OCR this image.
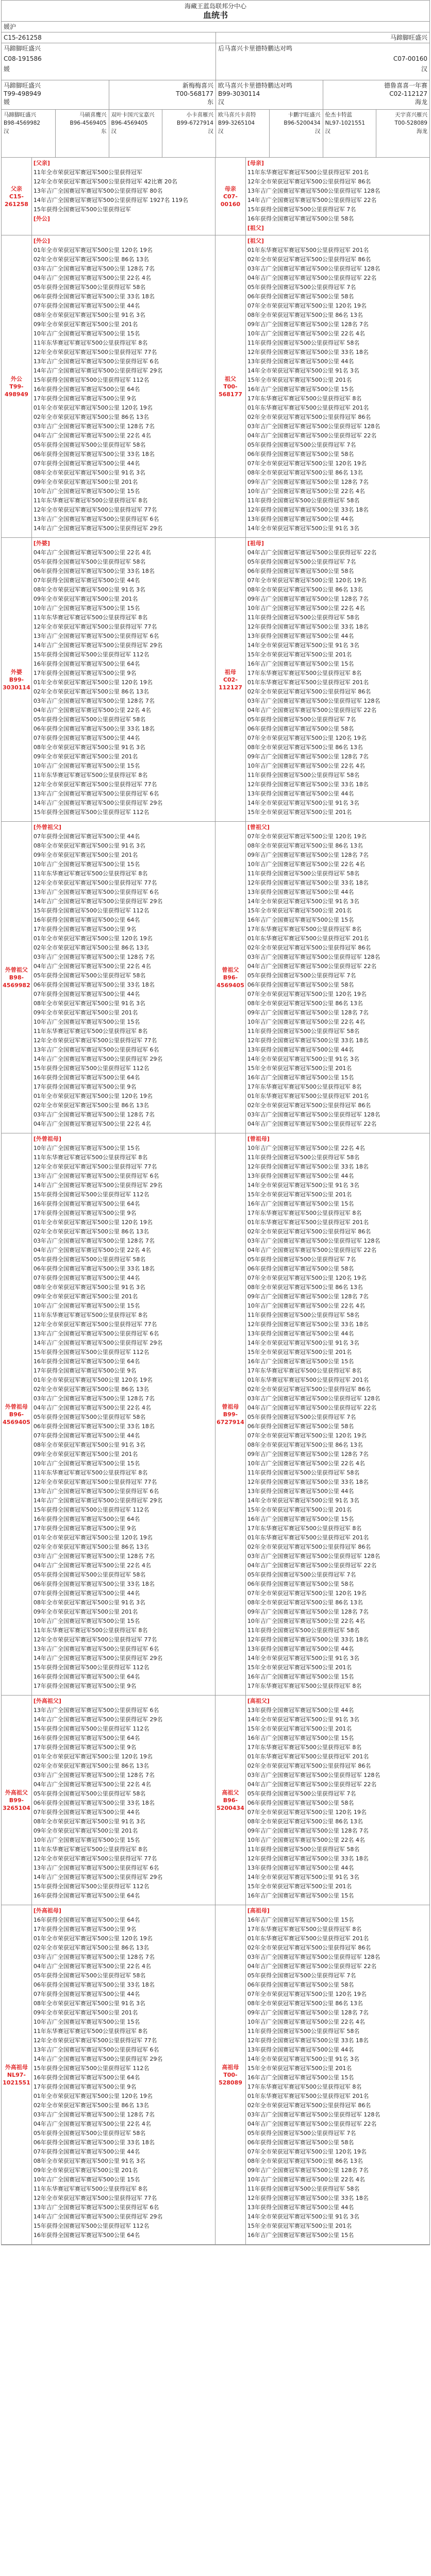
海藏王蓝岛联邦分中心
血统书
媛沪
C15-261258
马蹄脚旺盛兴
C08-191586
媛
马蹄脚旺盛兴
后马喜兴卡里德特鹏达对鸣
C07-00160
汉
马蹄脚旺盛兴
T99-498949
媛
新梅梅喜兴
T00-568177
东
欧马喜兴卡里德特鹏达对鸣
B99-3030114
汉
德鲁喜喜一年赛
C02-112127
海龙
马蹄脚旺盛兴
B98-4569982
汉
马硕喜鹰兴
B96-4569405
东
双叶卡国兴宝嘉兴
B96-4569405
汉
小卡喜雁兴
B99-6727914
汉
欧马喜兴卡喜特
B99-3265104
汉
卡鹏宇旺盛兴
B96-5200434
汉
伦杰卡特蓝
NL97-1021551
汉
天宇喜兴雁兴
T00-528089
海龙
父亲
C15-261258
[父亲]
11年全市荣获冠军赛冠军500公里获得冠军
12年全市荣获冠军赛冠军500公里获得冠军 42比赛 20名
13年吉广全国赛冠军赛冠军500公里获得冠军 80名
14年吉广全国赛冠军赛冠军500公里获得冠军 1927名 119名
15年获得全国赛冠军500公里获得冠军
[外公]
母亲
C07-00160
[母亲]
11年东华赛冠军赛冠军500公里获得冠军 201名
12年全市荣获冠军赛冠军500公里获得冠军 86名
13年吉广全国赛冠军赛冠军500公里获得冠军 128名
14年吉广全国赛冠军赛冠军500公里获得冠军 22名
15年获得全国赛冠军500公里获得冠军 7名
16年获得全国赛冠军赛冠军500公里 58名
[祖父]
外公
T99-498949
[外公]
01年全市荣获冠军赛冠军500公里 120名 19名
02年全市荣获冠军赛冠军500公里 86名 13名
03年吉广全国赛冠军赛冠军500公里 128名 7名
04年吉广全国赛冠军赛冠军500公里 22名 4名
05年获得全国赛冠军500公里获得冠军 58名
06年获得全国赛冠军赛冠军500公里 33名 18名
07年获得全国赛冠军赛冠军500公里 44名
08年全市荣获冠军赛冠军500公里 91名 3名
09年全市荣获冠军赛冠军500公里 201名
10年吉广全国赛冠军赛冠军500公里 15名
11年东华赛冠军赛冠军500公里获得冠军 8名
12年全市荣获冠军赛冠军500公里获得冠军 77名
13年吉广全国赛冠军赛冠军500公里获得冠军 6名
14年吉广全国赛冠军赛冠军500公里获得冠军 29名
15年获得全国赛冠军500公里获得冠军 112名
16年获得全国赛冠军赛冠军500公里 64名
17年获得全国赛冠军赛冠军500公里 9名
01年全市荣获冠军赛冠军500公里 120名 19名
02年全市荣获冠军赛冠军500公里 86名 13名
03年吉广全国赛冠军赛冠军500公里 128名 7名
04年吉广全国赛冠军赛冠军500公里 22名 4名
05年获得全国赛冠军500公里获得冠军 58名
06年获得全国赛冠军赛冠军500公里 33名 18名
07年获得全国赛冠军赛冠军500公里 44名
08年全市荣获冠军赛冠军500公里 91名 3名
09年全市荣获冠军赛冠军500公里 201名
10年吉广全国赛冠军赛冠军500公里 15名
11年东华赛冠军赛冠军500公里获得冠军 8名
12年全市荣获冠军赛冠军500公里获得冠军 77名
13年吉广全国赛冠军赛冠军500公里获得冠军 6名
14年吉广全国赛冠军赛冠军500公里获得冠军 29名
祖父
T00-568177
[祖父]
01年东华赛冠军赛冠军500公里获得冠军 201名
02年全市荣获冠军赛冠军500公里获得冠军 86名
03年吉广全国赛冠军赛冠军500公里获得冠军 128名
04年吉广全国赛冠军赛冠军500公里获得冠军 22名
05年获得全国赛冠军500公里获得冠军 7名
06年获得全国赛冠军赛冠军500公里 58名
07年全市荣获冠军赛冠军500公里 120名 19名
08年全市荣获冠军赛冠军500公里 86名 13名
09年吉广全国赛冠军赛冠军500公里 128名 7名
10年吉广全国赛冠军赛冠军500公里 22名 4名
11年获得全国赛冠军500公里获得冠军 58名
12年获得全国赛冠军赛冠军500公里 33名 18名
13年获得全国赛冠军赛冠军500公里 44名
14年全市荣获冠军赛冠军500公里 91名 3名
15年全市荣获冠军赛冠军500公里 201名
16年吉广全国赛冠军赛冠军500公里 15名
17年东华赛冠军赛冠军500公里获得冠军 8名
01年东华赛冠军赛冠军500公里获得冠军 201名
02年全市荣获冠军赛冠军500公里获得冠军 86名
03年吉广全国赛冠军赛冠军500公里获得冠军 128名
04年吉广全国赛冠军赛冠军500公里获得冠军 22名
05年获得全国赛冠军500公里获得冠军 7名
06年获得全国赛冠军赛冠军500公里 58名
07年全市荣获冠军赛冠军500公里 120名 19名
08年全市荣获冠军赛冠军500公里 86名 13名
09年吉广全国赛冠军赛冠军500公里 128名 7名
10年吉广全国赛冠军赛冠军500公里 22名 4名
11年获得全国赛冠军500公里获得冠军 58名
12年获得全国赛冠军赛冠军500公里 33名 18名
13年获得全国赛冠军赛冠军500公里 44名
14年全市荣获冠军赛冠军500公里 91名 3名
外婆
B99-3030114
[外婆]
04年吉广全国赛冠军赛冠军500公里 22名 4名
05年获得全国赛冠军500公里获得冠军 58名
06年获得全国赛冠军赛冠军500公里 33名 18名
07年获得全国赛冠军赛冠军500公里 44名
08年全市荣获冠军赛冠军500公里 91名 3名
09年全市荣获冠军赛冠军500公里 201名
10年吉广全国赛冠军赛冠军500公里 15名
11年东华赛冠军赛冠军500公里获得冠军 8名
12年全市荣获冠军赛冠军500公里获得冠军 77名
13年吉广全国赛冠军赛冠军500公里获得冠军 6名
14年吉广全国赛冠军赛冠军500公里获得冠军 29名
15年获得全国赛冠军500公里获得冠军 112名
16年获得全国赛冠军赛冠军500公里 64名
17年获得全国赛冠军赛冠军500公里 9名
01年全市荣获冠军赛冠军500公里 120名 19名
02年全市荣获冠军赛冠军500公里 86名 13名
03年吉广全国赛冠军赛冠军500公里 128名 7名
04年吉广全国赛冠军赛冠军500公里 22名 4名
05年获得全国赛冠军500公里获得冠军 58名
06年获得全国赛冠军赛冠军500公里 33名 18名
07年获得全国赛冠军赛冠军500公里 44名
08年全市荣获冠军赛冠军500公里 91名 3名
09年全市荣获冠军赛冠军500公里 201名
10年吉广全国赛冠军赛冠军500公里 15名
11年东华赛冠军赛冠军500公里获得冠军 8名
12年全市荣获冠军赛冠军500公里获得冠军 77名
13年吉广全国赛冠军赛冠军500公里获得冠军 6名
14年吉广全国赛冠军赛冠军500公里获得冠军 29名
15年获得全国赛冠军500公里获得冠军 112名
祖母
C02-112127
[祖母]
04年吉广全国赛冠军赛冠军500公里获得冠军 22名
05年获得全国赛冠军500公里获得冠军 7名
06年获得全国赛冠军赛冠军500公里 58名
07年全市荣获冠军赛冠军500公里 120名 19名
08年全市荣获冠军赛冠军500公里 86名 13名
09年吉广全国赛冠军赛冠军500公里 128名 7名
10年吉广全国赛冠军赛冠军500公里 22名 4名
11年获得全国赛冠军500公里获得冠军 58名
12年获得全国赛冠军赛冠军500公里 33名 18名
13年获得全国赛冠军赛冠军500公里 44名
14年全市荣获冠军赛冠军500公里 91名 3名
15年全市荣获冠军赛冠军500公里 201名
16年吉广全国赛冠军赛冠军500公里 15名
17年东华赛冠军赛冠军500公里获得冠军 8名
01年东华赛冠军赛冠军500公里获得冠军 201名
02年全市荣获冠军赛冠军500公里获得冠军 86名
03年吉广全国赛冠军赛冠军500公里获得冠军 128名
04年吉广全国赛冠军赛冠军500公里获得冠军 22名
05年获得全国赛冠军500公里获得冠军 7名
06年获得全国赛冠军赛冠军500公里 58名
07年全市荣获冠军赛冠军500公里 120名 19名
08年全市荣获冠军赛冠军500公里 86名 13名
09年吉广全国赛冠军赛冠军500公里 128名 7名
10年吉广全国赛冠军赛冠军500公里 22名 4名
11年获得全国赛冠军500公里获得冠军 58名
12年获得全国赛冠军赛冠军500公里 33名 18名
13年获得全国赛冠军赛冠军500公里 44名
14年全市荣获冠军赛冠军500公里 91名 3名
15年全市荣获冠军赛冠军500公里 201名
外曾祖父
B98-4569982
[外曾祖父]
07年获得全国赛冠军赛冠军500公里 44名
08年全市荣获冠军赛冠军500公里 91名 3名
09年全市荣获冠军赛冠军500公里 201名
10年吉广全国赛冠军赛冠军500公里 15名
11年东华赛冠军赛冠军500公里获得冠军 8名
12年全市荣获冠军赛冠军500公里获得冠军 77名
13年吉广全国赛冠军赛冠军500公里获得冠军 6名
14年吉广全国赛冠军赛冠军500公里获得冠军 29名
15年获得全国赛冠军500公里获得冠军 112名
16年获得全国赛冠军赛冠军500公里 64名
17年获得全国赛冠军赛冠军500公里 9名
01年全市荣获冠军赛冠军500公里 120名 19名
02年全市荣获冠军赛冠军500公里 86名 13名
03年吉广全国赛冠军赛冠军500公里 128名 7名
04年吉广全国赛冠军赛冠军500公里 22名 4名
05年获得全国赛冠军500公里获得冠军 58名
06年获得全国赛冠军赛冠军500公里 33名 18名
07年获得全国赛冠军赛冠军500公里 44名
08年全市荣获冠军赛冠军500公里 91名 3名
09年全市荣获冠军赛冠军500公里 201名
10年吉广全国赛冠军赛冠军500公里 15名
11年东华赛冠军赛冠军500公里获得冠军 8名
12年全市荣获冠军赛冠军500公里获得冠军 77名
13年吉广全国赛冠军赛冠军500公里获得冠军 6名
14年吉广全国赛冠军赛冠军500公里获得冠军 29名
15年获得全国赛冠军500公里获得冠军 112名
16年获得全国赛冠军赛冠军500公里 64名
17年获得全国赛冠军赛冠军500公里 9名
01年全市荣获冠军赛冠军500公里 120名 19名
02年全市荣获冠军赛冠军500公里 86名 13名
03年吉广全国赛冠军赛冠军500公里 128名 7名
04年吉广全国赛冠军赛冠军500公里 22名 4名
曾祖父
B96-4569405
[曾祖父]
07年全市荣获冠军赛冠军500公里 120名 19名
08年全市荣获冠军赛冠军500公里 86名 13名
09年吉广全国赛冠军赛冠军500公里 128名 7名
10年吉广全国赛冠军赛冠军500公里 22名 4名
11年获得全国赛冠军500公里获得冠军 58名
12年获得全国赛冠军赛冠军500公里 33名 18名
13年获得全国赛冠军赛冠军500公里 44名
14年全市荣获冠军赛冠军500公里 91名 3名
15年全市荣获冠军赛冠军500公里 201名
16年吉广全国赛冠军赛冠军500公里 15名
17年东华赛冠军赛冠军500公里获得冠军 8名
01年东华赛冠军赛冠军500公里获得冠军 201名
02年全市荣获冠军赛冠军500公里获得冠军 86名
03年吉广全国赛冠军赛冠军500公里获得冠军 128名
04年吉广全国赛冠军赛冠军500公里获得冠军 22名
05年获得全国赛冠军500公里获得冠军 7名
06年获得全国赛冠军赛冠军500公里 58名
07年全市荣获冠军赛冠军500公里 120名 19名
08年全市荣获冠军赛冠军500公里 86名 13名
09年吉广全国赛冠军赛冠军500公里 128名 7名
10年吉广全国赛冠军赛冠军500公里 22名 4名
11年获得全国赛冠军500公里获得冠军 58名
12年获得全国赛冠军赛冠军500公里 33名 18名
13年获得全国赛冠军赛冠军500公里 44名
14年全市荣获冠军赛冠军500公里 91名 3名
15年全市荣获冠军赛冠军500公里 201名
16年吉广全国赛冠军赛冠军500公里 15名
17年东华赛冠军赛冠军500公里获得冠军 8名
01年东华赛冠军赛冠军500公里获得冠军 201名
02年全市荣获冠军赛冠军500公里获得冠军 86名
03年吉广全国赛冠军赛冠军500公里获得冠军 128名
04年吉广全国赛冠军赛冠军500公里获得冠军 22名
外曾祖母
B96-4569405
[外曾祖母]
10年吉广全国赛冠军赛冠军500公里 15名
11年东华赛冠军赛冠军500公里获得冠军 8名
12年全市荣获冠军赛冠军500公里获得冠军 77名
13年吉广全国赛冠军赛冠军500公里获得冠军 6名
14年吉广全国赛冠军赛冠军500公里获得冠军 29名
15年获得全国赛冠军500公里获得冠军 112名
16年获得全国赛冠军赛冠军500公里 64名
17年获得全国赛冠军赛冠军500公里 9名
01年全市荣获冠军赛冠军500公里 120名 19名
02年全市荣获冠军赛冠军500公里 86名 13名
03年吉广全国赛冠军赛冠军500公里 128名 7名
04年吉广全国赛冠军赛冠军500公里 22名 4名
05年获得全国赛冠军500公里获得冠军 58名
06年获得全国赛冠军赛冠军500公里 33名 18名
07年获得全国赛冠军赛冠军500公里 44名
08年全市荣获冠军赛冠军500公里 91名 3名
09年全市荣获冠军赛冠军500公里 201名
10年吉广全国赛冠军赛冠军500公里 15名
11年东华赛冠军赛冠军500公里获得冠军 8名
12年全市荣获冠军赛冠军500公里获得冠军 77名
13年吉广全国赛冠军赛冠军500公里获得冠军 6名
14年吉广全国赛冠军赛冠军500公里获得冠军 29名
15年获得全国赛冠军500公里获得冠军 112名
16年获得全国赛冠军赛冠军500公里 64名
17年获得全国赛冠军赛冠军500公里 9名
01年全市荣获冠军赛冠军500公里 120名 19名
02年全市荣获冠军赛冠军500公里 86名 13名
03年吉广全国赛冠军赛冠军500公里 128名 7名
04年吉广全国赛冠军赛冠军500公里 22名 4名
05年获得全国赛冠军500公里获得冠军 58名
06年获得全国赛冠军赛冠军500公里 33名 18名
07年获得全国赛冠军赛冠军500公里 44名
08年全市荣获冠军赛冠军500公里 91名 3名
09年全市荣获冠军赛冠军500公里 201名
10年吉广全国赛冠军赛冠军500公里 15名
11年东华赛冠军赛冠军500公里获得冠军 8名
12年全市荣获冠军赛冠军500公里获得冠军 77名
13年吉广全国赛冠军赛冠军500公里获得冠军 6名
14年吉广全国赛冠军赛冠军500公里获得冠军 29名
15年获得全国赛冠军500公里获得冠军 112名
16年获得全国赛冠军赛冠军500公里 64名
17年获得全国赛冠军赛冠军500公里 9名
01年全市荣获冠军赛冠军500公里 120名 19名
02年全市荣获冠军赛冠军500公里 86名 13名
03年吉广全国赛冠军赛冠军500公里 128名 7名
04年吉广全国赛冠军赛冠军500公里 22名 4名
05年获得全国赛冠军500公里获得冠军 58名
06年获得全国赛冠军赛冠军500公里 33名 18名
07年获得全国赛冠军赛冠军500公里 44名
08年全市荣获冠军赛冠军500公里 91名 3名
09年全市荣获冠军赛冠军500公里 201名
10年吉广全国赛冠军赛冠军500公里 15名
11年东华赛冠军赛冠军500公里获得冠军 8名
12年全市荣获冠军赛冠军500公里获得冠军 77名
13年吉广全国赛冠军赛冠军500公里获得冠军 6名
14年吉广全国赛冠军赛冠军500公里获得冠军 29名
15年获得全国赛冠军500公里获得冠军 112名
16年获得全国赛冠军赛冠军500公里 64名
17年获得全国赛冠军赛冠军500公里 9名
曾祖母
B99-6727914
[曾祖母]
10年吉广全国赛冠军赛冠军500公里 22名 4名
11年获得全国赛冠军500公里获得冠军 58名
12年获得全国赛冠军赛冠军500公里 33名 18名
13年获得全国赛冠军赛冠军500公里 44名
14年全市荣获冠军赛冠军500公里 91名 3名
15年全市荣获冠军赛冠军500公里 201名
16年吉广全国赛冠军赛冠军500公里 15名
17年东华赛冠军赛冠军500公里获得冠军 8名
01年东华赛冠军赛冠军500公里获得冠军 201名
02年全市荣获冠军赛冠军500公里获得冠军 86名
03年吉广全国赛冠军赛冠军500公里获得冠军 128名
04年吉广全国赛冠军赛冠军500公里获得冠军 22名
05年获得全国赛冠军500公里获得冠军 7名
06年获得全国赛冠军赛冠军500公里 58名
07年全市荣获冠军赛冠军500公里 120名 19名
08年全市荣获冠军赛冠军500公里 86名 13名
09年吉广全国赛冠军赛冠军500公里 128名 7名
10年吉广全国赛冠军赛冠军500公里 22名 4名
11年获得全国赛冠军500公里获得冠军 58名
12年获得全国赛冠军赛冠军500公里 33名 18名
13年获得全国赛冠军赛冠军500公里 44名
14年全市荣获冠军赛冠军500公里 91名 3名
15年全市荣获冠军赛冠军500公里 201名
16年吉广全国赛冠军赛冠军500公里 15名
17年东华赛冠军赛冠军500公里获得冠军 8名
01年东华赛冠军赛冠军500公里获得冠军 201名
02年全市荣获冠军赛冠军500公里获得冠军 86名
03年吉广全国赛冠军赛冠军500公里获得冠军 128名
04年吉广全国赛冠军赛冠军500公里获得冠军 22名
05年获得全国赛冠军500公里获得冠军 7名
06年获得全国赛冠军赛冠军500公里 58名
07年全市荣获冠军赛冠军500公里 120名 19名
08年全市荣获冠军赛冠军500公里 86名 13名
09年吉广全国赛冠军赛冠军500公里 128名 7名
10年吉广全国赛冠军赛冠军500公里 22名 4名
11年获得全国赛冠军500公里获得冠军 58名
12年获得全国赛冠军赛冠军500公里 33名 18名
13年获得全国赛冠军赛冠军500公里 44名
14年全市荣获冠军赛冠军500公里 91名 3名
15年全市荣获冠军赛冠军500公里 201名
16年吉广全国赛冠军赛冠军500公里 15名
17年东华赛冠军赛冠军500公里获得冠军 8名
01年东华赛冠军赛冠军500公里获得冠军 201名
02年全市荣获冠军赛冠军500公里获得冠军 86名
03年吉广全国赛冠军赛冠军500公里获得冠军 128名
04年吉广全国赛冠军赛冠军500公里获得冠军 22名
05年获得全国赛冠军500公里获得冠军 7名
06年获得全国赛冠军赛冠军500公里 58名
07年全市荣获冠军赛冠军500公里 120名 19名
08年全市荣获冠军赛冠军500公里 86名 13名
09年吉广全国赛冠军赛冠军500公里 128名 7名
10年吉广全国赛冠军赛冠军500公里 22名 4名
11年获得全国赛冠军500公里获得冠军 58名
12年获得全国赛冠军赛冠军500公里 33名 18名
13年获得全国赛冠军赛冠军500公里 44名
14年全市荣获冠军赛冠军500公里 91名 3名
15年全市荣获冠军赛冠军500公里 201名
16年吉广全国赛冠军赛冠军500公里 15名
17年东华赛冠军赛冠军500公里获得冠军 8名
外高祖父
B99-3265104
[外高祖父]
13年吉广全国赛冠军赛冠军500公里获得冠军 6名
14年吉广全国赛冠军赛冠军500公里获得冠军 29名
15年获得全国赛冠军500公里获得冠军 112名
16年获得全国赛冠军赛冠军500公里 64名
17年获得全国赛冠军赛冠军500公里 9名
01年全市荣获冠军赛冠军500公里 120名 19名
02年全市荣获冠军赛冠军500公里 86名 13名
03年吉广全国赛冠军赛冠军500公里 128名 7名
04年吉广全国赛冠军赛冠军500公里 22名 4名
05年获得全国赛冠军500公里获得冠军 58名
06年获得全国赛冠军赛冠军500公里 33名 18名
07年获得全国赛冠军赛冠军500公里 44名
08年全市荣获冠军赛冠军500公里 91名 3名
09年全市荣获冠军赛冠军500公里 201名
10年吉广全国赛冠军赛冠军500公里 15名
11年东华赛冠军赛冠军500公里获得冠军 8名
12年全市荣获冠军赛冠军500公里获得冠军 77名
13年吉广全国赛冠军赛冠军500公里获得冠军 6名
14年吉广全国赛冠军赛冠军500公里获得冠军 29名
15年获得全国赛冠军500公里获得冠军 112名
16年获得全国赛冠军赛冠军500公里 64名
高祖父
B96-5200434
[高祖父]
13年获得全国赛冠军赛冠军500公里 44名
14年全市荣获冠军赛冠军500公里 91名 3名
15年全市荣获冠军赛冠军500公里 201名
16年吉广全国赛冠军赛冠军500公里 15名
17年东华赛冠军赛冠军500公里获得冠军 8名
01年东华赛冠军赛冠军500公里获得冠军 201名
02年全市荣获冠军赛冠军500公里获得冠军 86名
03年吉广全国赛冠军赛冠军500公里获得冠军 128名
04年吉广全国赛冠军赛冠军500公里获得冠军 22名
05年获得全国赛冠军500公里获得冠军 7名
06年获得全国赛冠军赛冠军500公里 58名
07年全市荣获冠军赛冠军500公里 120名 19名
08年全市荣获冠军赛冠军500公里 86名 13名
09年吉广全国赛冠军赛冠军500公里 128名 7名
10年吉广全国赛冠军赛冠军500公里 22名 4名
11年获得全国赛冠军500公里获得冠军 58名
12年获得全国赛冠军赛冠军500公里 33名 18名
13年获得全国赛冠军赛冠军500公里 44名
14年全市荣获冠军赛冠军500公里 91名 3名
15年全市荣获冠军赛冠军500公里 201名
16年吉广全国赛冠军赛冠军500公里 15名
外高祖母
NL97-1021551
[外高祖母]
16年获得全国赛冠军赛冠军500公里 64名
17年获得全国赛冠军赛冠军500公里 9名
01年全市荣获冠军赛冠军500公里 120名 19名
02年全市荣获冠军赛冠军500公里 86名 13名
03年吉广全国赛冠军赛冠军500公里 128名 7名
04年吉广全国赛冠军赛冠军500公里 22名 4名
05年获得全国赛冠军500公里获得冠军 58名
06年获得全国赛冠军赛冠军500公里 33名 18名
07年获得全国赛冠军赛冠军500公里 44名
08年全市荣获冠军赛冠军500公里 91名 3名
09年全市荣获冠军赛冠军500公里 201名
10年吉广全国赛冠军赛冠军500公里 15名
11年东华赛冠军赛冠军500公里获得冠军 8名
12年全市荣获冠军赛冠军500公里获得冠军 77名
13年吉广全国赛冠军赛冠军500公里获得冠军 6名
14年吉广全国赛冠军赛冠军500公里获得冠军 29名
15年获得全国赛冠军500公里获得冠军 112名
16年获得全国赛冠军赛冠军500公里 64名
17年获得全国赛冠军赛冠军500公里 9名
01年全市荣获冠军赛冠军500公里 120名 19名
02年全市荣获冠军赛冠军500公里 86名 13名
03年吉广全国赛冠军赛冠军500公里 128名 7名
04年吉广全国赛冠军赛冠军500公里 22名 4名
05年获得全国赛冠军500公里获得冠军 58名
06年获得全国赛冠军赛冠军500公里 33名 18名
07年获得全国赛冠军赛冠军500公里 44名
08年全市荣获冠军赛冠军500公里 91名 3名
09年全市荣获冠军赛冠军500公里 201名
10年吉广全国赛冠军赛冠军500公里 15名
11年东华赛冠军赛冠军500公里获得冠军 8名
12年全市荣获冠军赛冠军500公里获得冠军 77名
13年吉广全国赛冠军赛冠军500公里获得冠军 6名
14年吉广全国赛冠军赛冠军500公里获得冠军 29名
15年获得全国赛冠军500公里获得冠军 112名
16年获得全国赛冠军赛冠军500公里 64名
高祖母
T00-528089
[高祖母]
16年吉广全国赛冠军赛冠军500公里 15名
17年东华赛冠军赛冠军500公里获得冠军 8名
01年东华赛冠军赛冠军500公里获得冠军 201名
02年全市荣获冠军赛冠军500公里获得冠军 86名
03年吉广全国赛冠军赛冠军500公里获得冠军 128名
04年吉广全国赛冠军赛冠军500公里获得冠军 22名
05年获得全国赛冠军500公里获得冠军 7名
06年获得全国赛冠军赛冠军500公里 58名
07年全市荣获冠军赛冠军500公里 120名 19名
08年全市荣获冠军赛冠军500公里 86名 13名
09年吉广全国赛冠军赛冠军500公里 128名 7名
10年吉广全国赛冠军赛冠军500公里 22名 4名
11年获得全国赛冠军500公里获得冠军 58名
12年获得全国赛冠军赛冠军500公里 33名 18名
13年获得全国赛冠军赛冠军500公里 44名
14年全市荣获冠军赛冠军500公里 91名 3名
15年全市荣获冠军赛冠军500公里 201名
16年吉广全国赛冠军赛冠军500公里 15名
17年东华赛冠军赛冠军500公里获得冠军 8名
01年东华赛冠军赛冠军500公里获得冠军 201名
02年全市荣获冠军赛冠军500公里获得冠军 86名
03年吉广全国赛冠军赛冠军500公里获得冠军 128名
04年吉广全国赛冠军赛冠军500公里获得冠军 22名
05年获得全国赛冠军500公里获得冠军 7名
06年获得全国赛冠军赛冠军500公里 58名
07年全市荣获冠军赛冠军500公里 120名 19名
08年全市荣获冠军赛冠军500公里 86名 13名
09年吉广全国赛冠军赛冠军500公里 128名 7名
10年吉广全国赛冠军赛冠军500公里 22名 4名
11年获得全国赛冠军500公里获得冠军 58名
12年获得全国赛冠军赛冠军500公里 33名 18名
13年获得全国赛冠军赛冠军500公里 44名
14年全市荣获冠军赛冠军500公里 91名 3名
15年全市荣获冠军赛冠军500公里 201名
16年吉广全国赛冠军赛冠军500公里 15名
